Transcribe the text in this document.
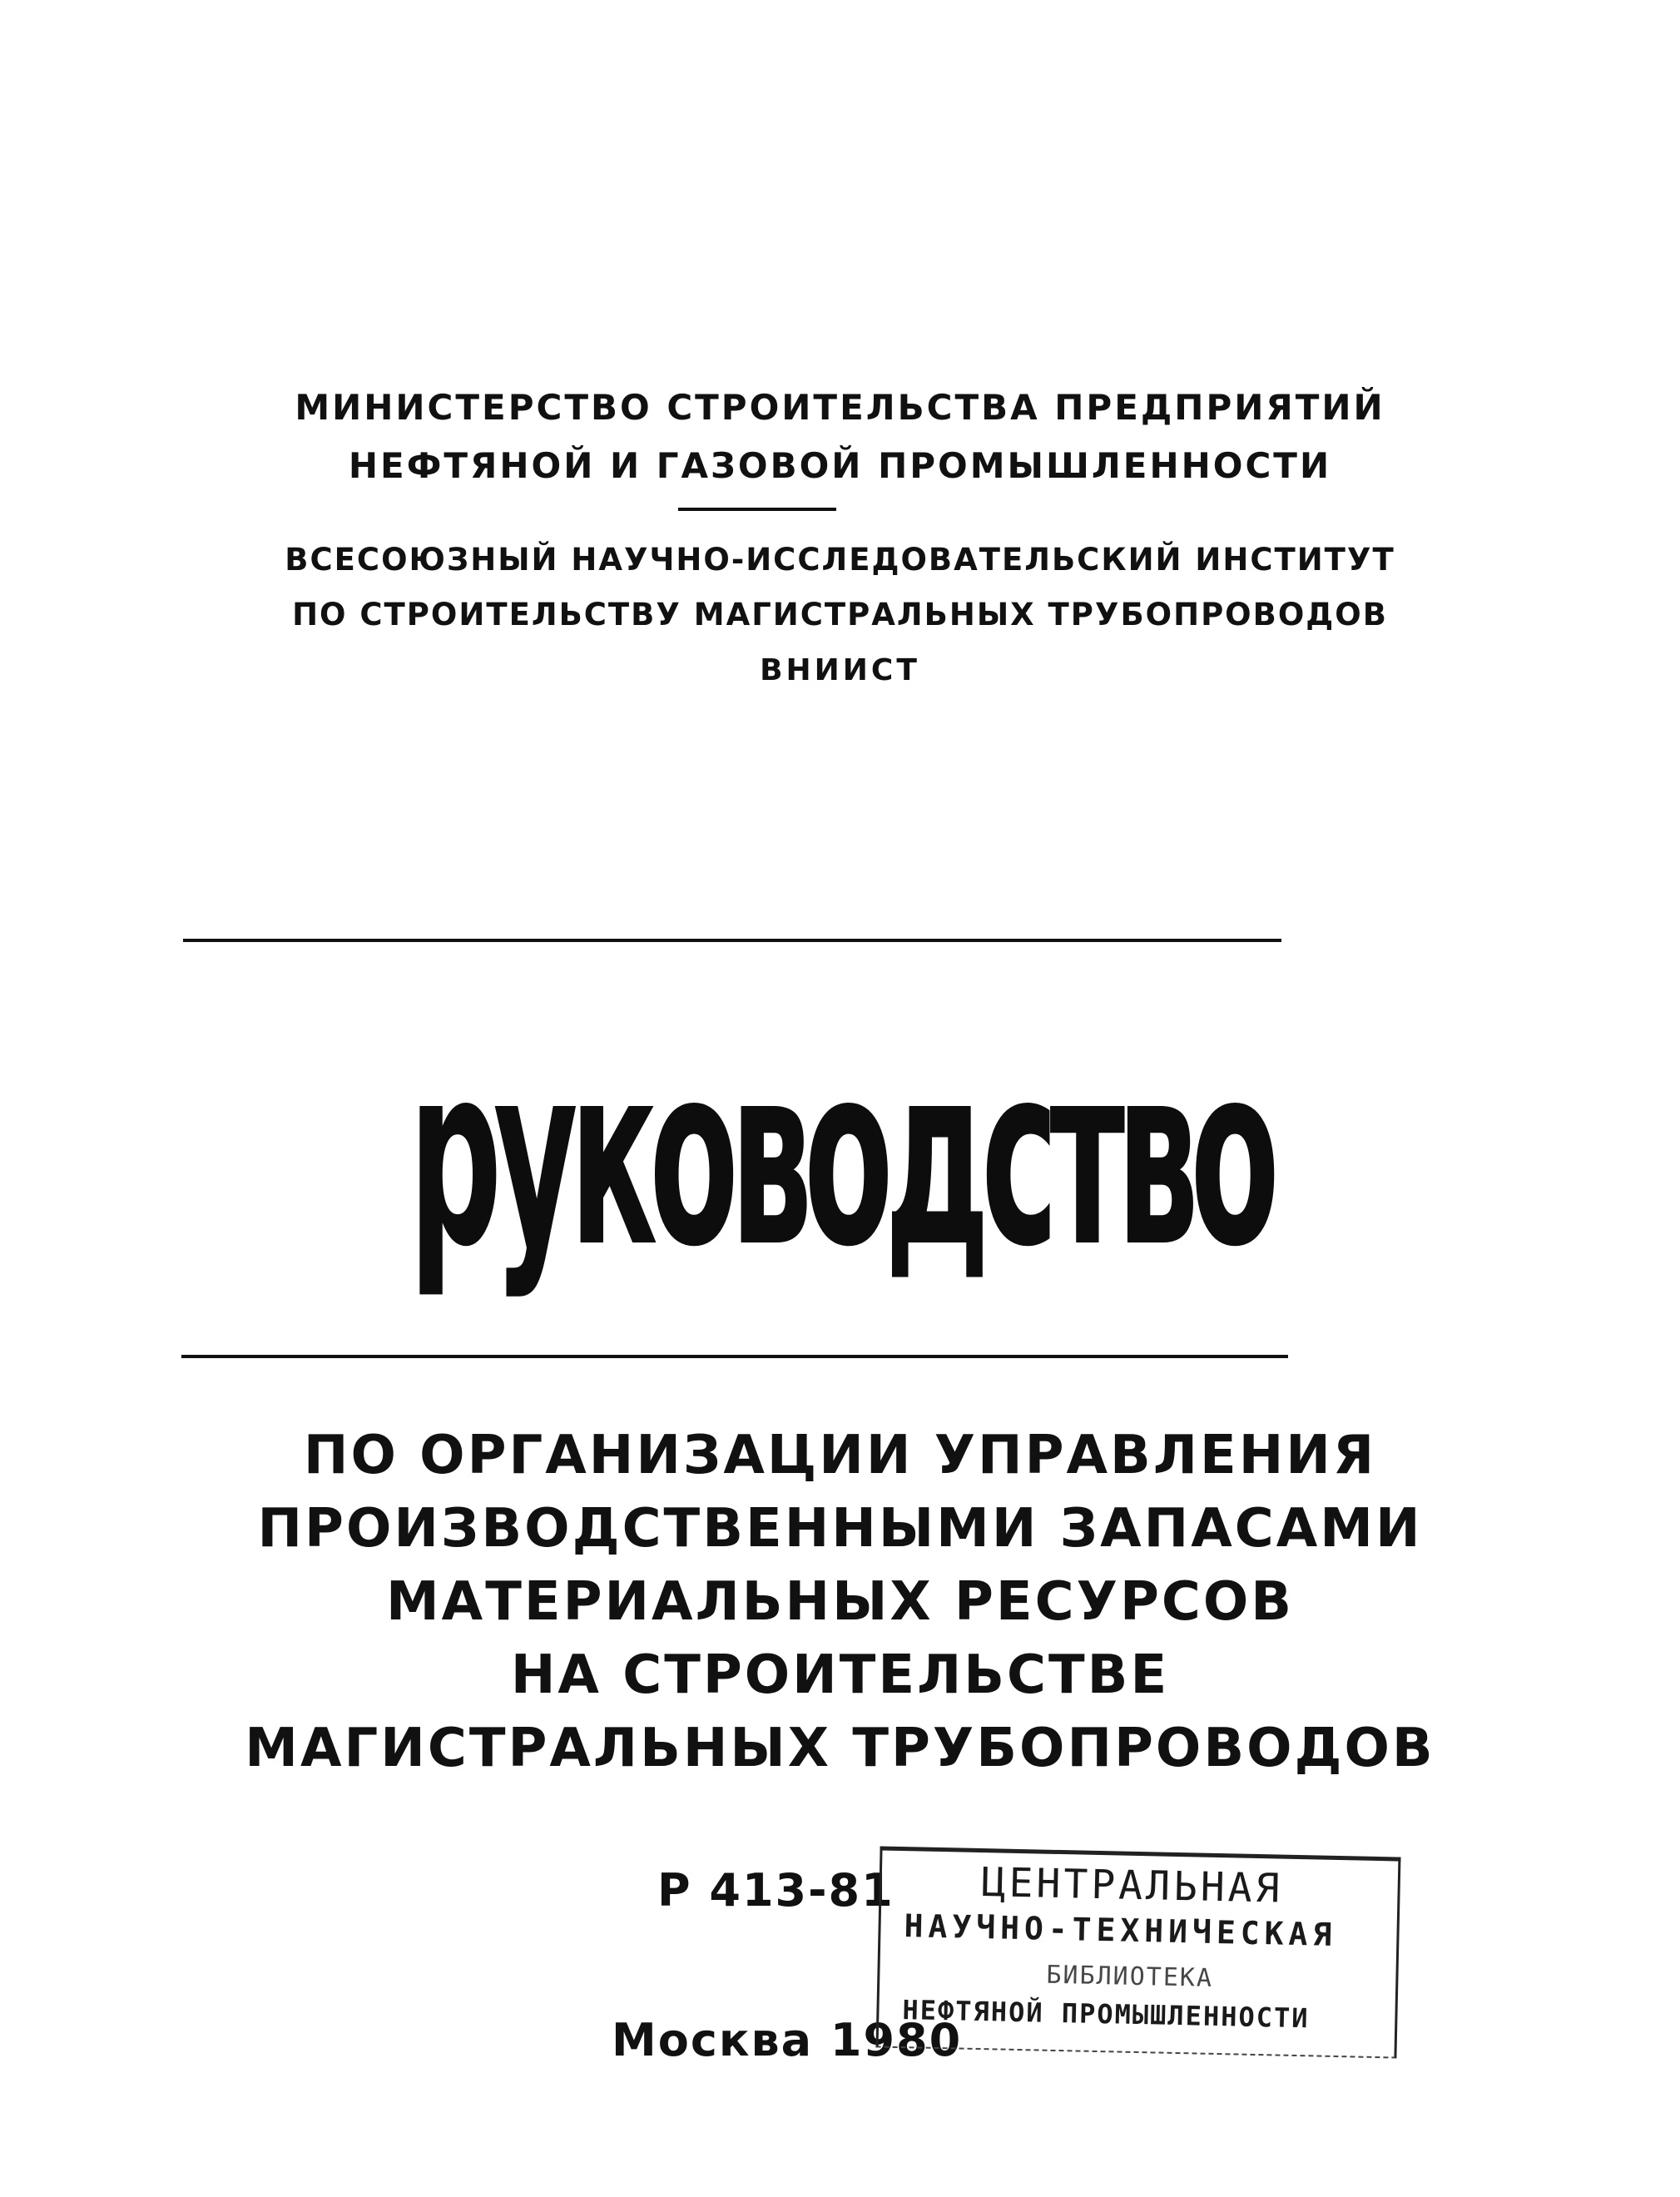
МИНИСТЕРСТВО СТРОИТЕЛЬСТВА ПРЕДПРИЯТИЙ
НЕФТЯНОЙ И ГАЗОВОЙ ПРОМЫШЛЕННОСТИ
ВСЕСОЮЗНЫЙ НАУЧНО-ИССЛЕДОВАТЕЛЬСКИЙ ИНСТИТУТ
ПО СТРОИТЕЛЬСТВУ МАГИСТРАЛЬНЫХ ТРУБОПРОВОДОВ
ВНИИСТ
руководство
ПО ОРГАНИЗАЦИИ УПРАВЛЕНИЯ
ПРОИЗВОДСТВЕННЫМИ ЗАПАСАМИ
МАТЕРИАЛЬНЫХ РЕСУРСОВ
НА СТРОИТЕЛЬСТВЕ
МАГИСТРАЛЬНЫХ ТРУБОПРОВОДОВ
Р 413-81
Москва 1980
ЦЕНТРАЛЬНАЯ
НАУЧНО-ТЕХНИЧЕСКАЯ
БИБЛИОТЕКА
НЕФТЯНОЙ ПРОМЫШЛЕННОСТИ
